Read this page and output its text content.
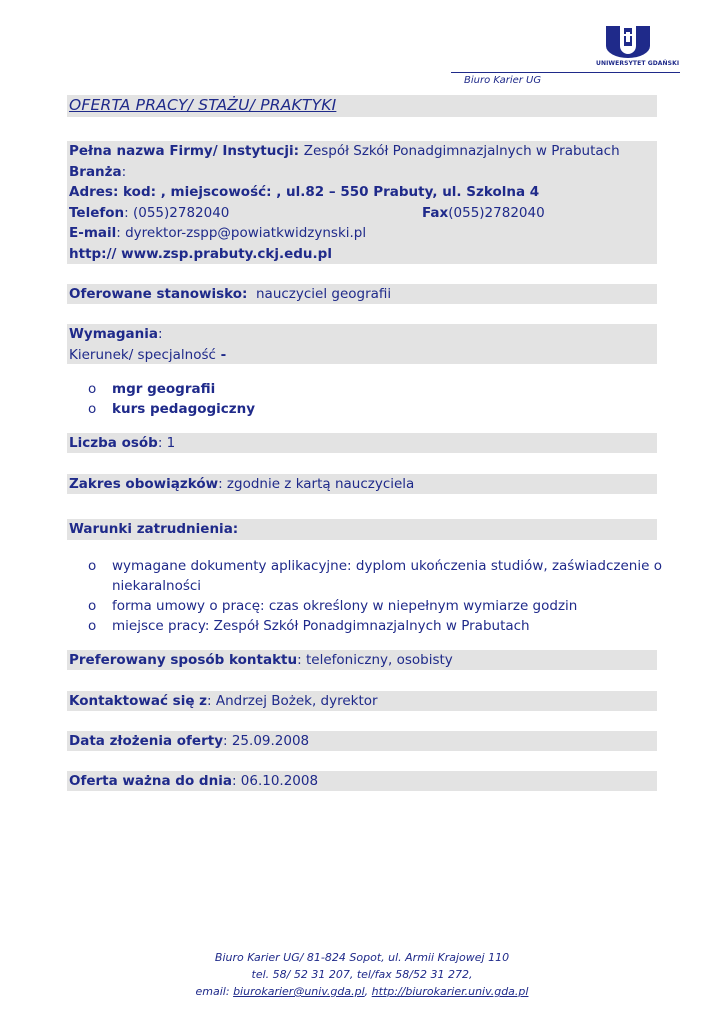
UNIWERSYTET GDAŃSKI
Biuro Karier UG
OFERTA PRACY/ STAŻU/ PRAKTYKI
Pełna nazwa Firmy/ Instytucji: Zespół Szkół Ponadgimnazjalnych w Prabutach
Branża:
Adres: kod: , miejscowość: , ul.82 – 550 Prabuty, ul. Szkolna 4
Telefon: (055)2782040	Fax(055)2782040
E-mail: dyrektor-zspp@powiatkwidzynski.pl
http:// www.zsp.prabuty.ckj.edu.pl
Oferowane stanowisko: nauczyciel geografii
Wymagania:
Kierunek/ specjalność -
o mgr geografii
o kurs pedagogiczny
Liczba osób: 1
Zakres obowiązków: zgodnie z kartą nauczyciela
Warunki zatrudnienia:
o wymagane dokumenty aplikacyjne: dyplom ukończenia studiów, zaświadczenie o
niekaralności
o forma umowy o pracę: czas określony w niepełnym wymiarze godzin
o miejsce pracy: Zespół Szkół Ponadgimnazjalnych w Prabutach
Preferowany sposób kontaktu: telefoniczny, osobisty
Kontaktować się z: Andrzej Bożek, dyrektor
Data złożenia oferty: 25.09.2008
Oferta ważna do dnia: 06.10.2008
Biuro Karier UG/ 81-824 Sopot, ul. Armii Krajowej 110
tel. 58/ 52 31 207, tel/fax 58/52 31 272,
email: biurokarier@univ.gda.pl, http://biurokarier.univ.gda.pl
